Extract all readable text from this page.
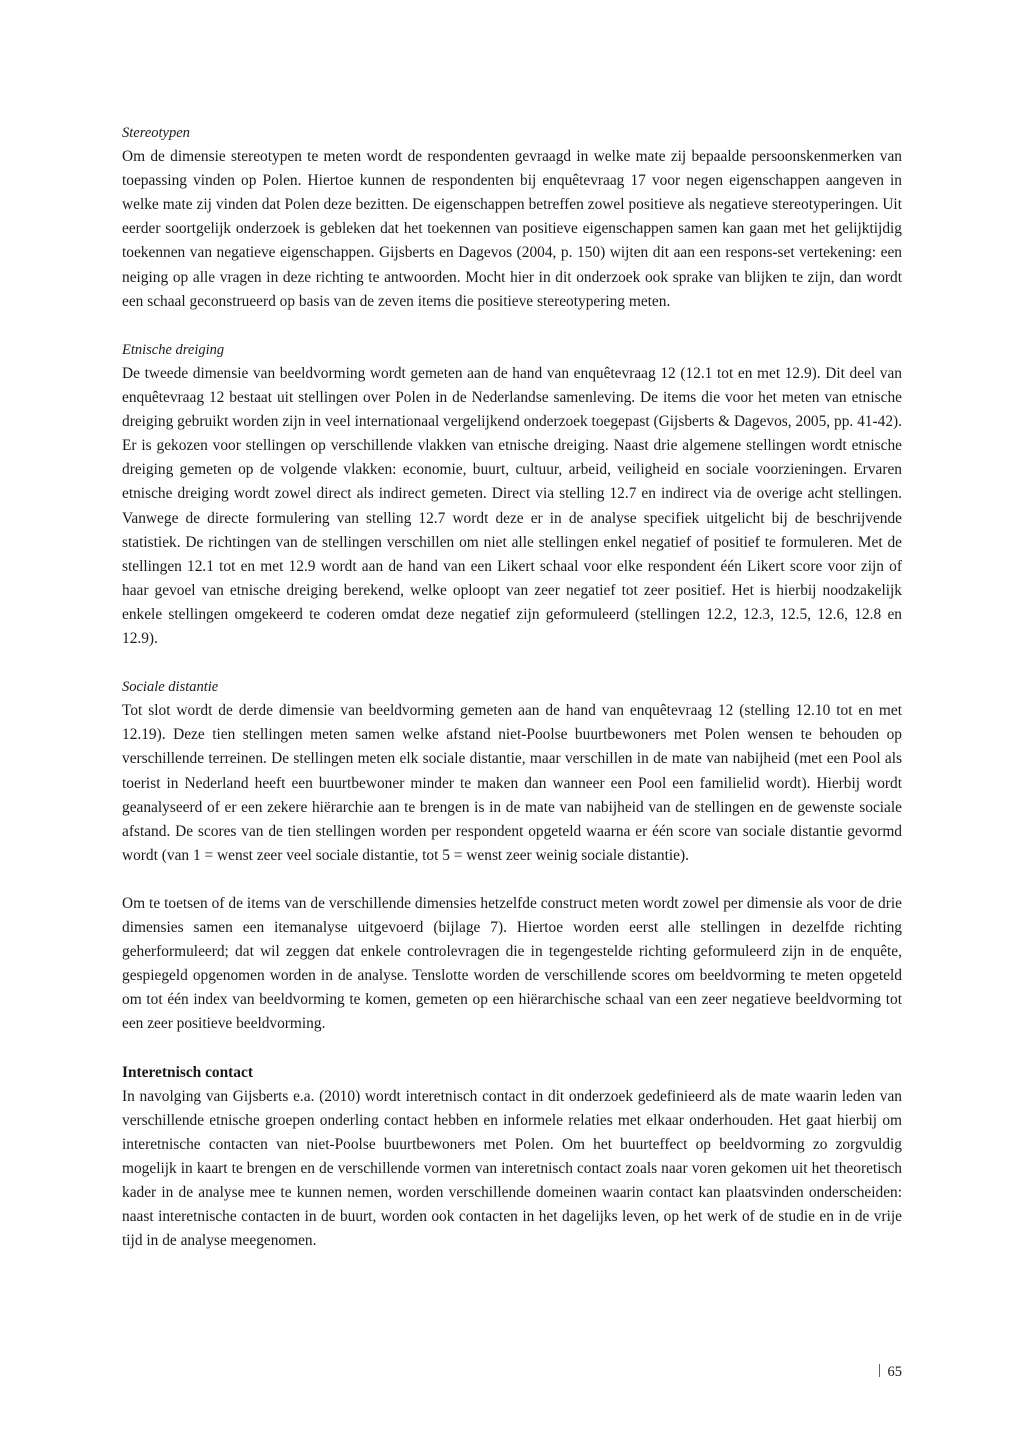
Stereotypen

Om de dimensie stereotypen te meten wordt de respondenten gevraagd in welke mate zij bepaalde persoonskenmerken van toepassing vinden op Polen. Hiertoe kunnen de respondenten bij enquêtevraag 17 voor negen eigenschappen aangeven in welke mate zij vinden dat Polen deze bezitten. De eigenschappen betreffen zowel positieve als negatieve stereotyperingen. Uit eerder soortgelijk onderzoek is gebleken dat het toekennen van positieve eigenschappen samen kan gaan met het gelijktijdig toekennen van negatieve eigenschappen. Gijsberts en Dagevos (2004, p. 150) wijten dit aan een respons-set vertekening: een neiging op alle vragen in deze richting te antwoorden. Mocht hier in dit onderzoek ook sprake van blijken te zijn, dan wordt een schaal geconstrueerd op basis van de zeven items die positieve stereotypering meten.

Etnische dreiging

De tweede dimensie van beeldvorming wordt gemeten aan de hand van enquêtevraag 12 (12.1 tot en met 12.9). Dit deel van enquêtevraag 12 bestaat uit stellingen over Polen in de Nederlandse samenleving. De items die voor het meten van etnische dreiging gebruikt worden zijn in veel internationaal vergelijkend onderzoek toegepast (Gijsberts & Dagevos, 2005, pp. 41-42). Er is gekozen voor stellingen op verschillende vlakken van etnische dreiging. Naast drie algemene stellingen wordt etnische dreiging gemeten op de volgende vlakken: economie, buurt, cultuur, arbeid, veiligheid en sociale voorzieningen. Ervaren etnische dreiging wordt zowel direct als indirect gemeten. Direct via stelling 12.7 en indirect via de overige acht stellingen. Vanwege de directe formulering van stelling 12.7 wordt deze er in de analyse specifiek uitgelicht bij de beschrijvende statistiek. De richtingen van de stellingen verschillen om niet alle stellingen enkel negatief of positief te formuleren. Met de stellingen 12.1 tot en met 12.9 wordt aan de hand van een Likert schaal voor elke respondent één Likert score voor zijn of haar gevoel van etnische dreiging berekend, welke oploopt van zeer negatief tot zeer positief. Het is hierbij noodzakelijk enkele stellingen omgekeerd te coderen omdat deze negatief zijn geformuleerd (stellingen 12.2, 12.3, 12.5, 12.6, 12.8 en 12.9).

Sociale distantie

Tot slot wordt de derde dimensie van beeldvorming gemeten aan de hand van enquêtevraag 12 (stelling 12.10 tot en met 12.19). Deze tien stellingen meten samen welke afstand niet-Poolse buurtbewoners met Polen wensen te behouden op verschillende terreinen. De stellingen meten elk sociale distantie, maar verschillen in de mate van nabijheid (met een Pool als toerist in Nederland heeft een buurtbewoner minder te maken dan wanneer een Pool een familielid wordt). Hierbij wordt geanalyseerd of er een zekere hiërarchie aan te brengen is in de mate van nabijheid van de stellingen en de gewenste sociale afstand. De scores van de tien stellingen worden per respondent opgeteld waarna er één score van sociale distantie gevormd wordt (van 1 = wenst zeer veel sociale distantie, tot 5 = wenst zeer weinig sociale distantie).

Om te toetsen of de items van de verschillende dimensies hetzelfde construct meten wordt zowel per dimensie als voor de drie dimensies samen een itemanalyse uitgevoerd (bijlage 7). Hiertoe worden eerst alle stellingen in dezelfde richting geherformuleerd; dat wil zeggen dat enkele controlevragen die in tegengestelde richting geformuleerd zijn in de enquête, gespiegeld opgenomen worden in de analyse. Tenslotte worden de verschillende scores om beeldvorming te meten opgeteld om tot één index van beeldvorming te komen, gemeten op een hiërarchische schaal van een zeer negatieve beeldvorming tot een zeer positieve beeldvorming.

Interetnisch contact

In navolging van Gijsberts e.a. (2010) wordt interetnisch contact in dit onderzoek gedefinieerd als de mate waarin leden van verschillende etnische groepen onderling contact hebben en informele relaties met elkaar onderhouden. Het gaat hierbij om interetnische contacten van niet-Poolse buurtbewoners met Polen. Om het buurteffect op beeldvorming zo zorgvuldig mogelijk in kaart te brengen en de verschillende vormen van interetnisch contact zoals naar voren gekomen uit het theoretisch kader in de analyse mee te kunnen nemen, worden verschillende domeinen waarin contact kan plaatsvinden onderscheiden: naast interetnische contacten in de buurt, worden ook contacten in het dagelijks leven, op het werk of de studie en in de vrije tijd in de analyse meegenomen.

65
